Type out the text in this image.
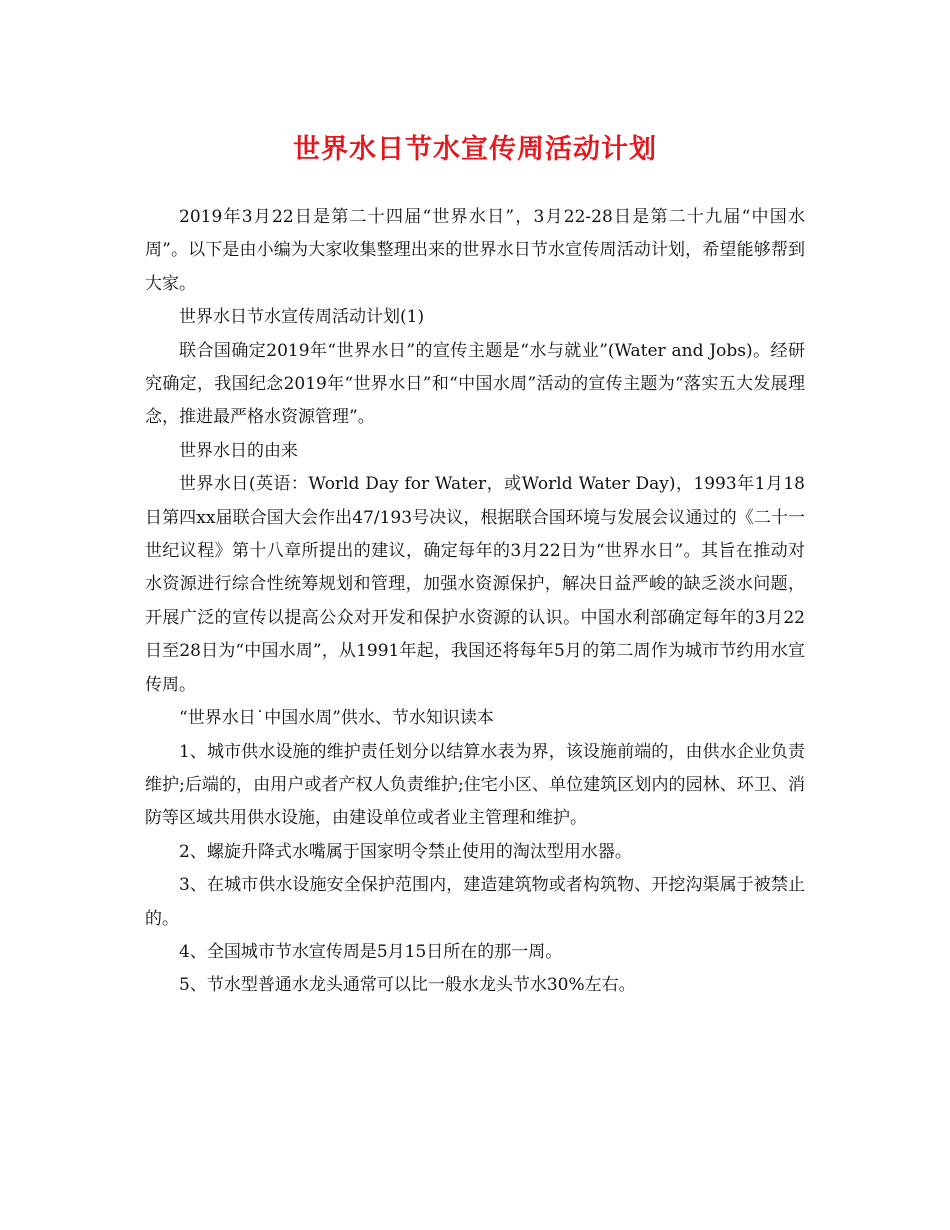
世界水日节水宣传周活动计划

2019年3月22日是第二十四届“世界水日”，3月22-28日是第二十九届“中国水周”。以下是由小编为大家收集整理出来的世界水日节水宣传周活动计划，希望能够帮到大家。

世界水日节水宣传周活动计划(1)

联合国确定2019年“世界水日”的宣传主题是“水与就业”(Water and Jobs)。经研究确定，我国纪念2019年“世界水日”和“中国水周”活动的宣传主题为“落实五大发展理念，推进最严格水资源管理”。

世界水日的由来

世界水日(英语：World Day for Water，或World Water Day)，1993年1月18日第四xx届联合国大会作出47/193号决议，根据联合国环境与发展会议通过的《二十一世纪议程》第十八章所提出的建议，确定每年的3月22日为“世界水日”。其旨在推动对水资源进行综合性统筹规划和管理，加强水资源保护，解决日益严峻的缺乏淡水问题，开展广泛的宣传以提高公众对开发和保护水资源的认识。中国水利部确定每年的3月22日至28日为“中国水周”，从1991年起，我国还将每年5月的第二周作为城市节约用水宣传周。

“世界水日˙中国水周”供水、节水知识读本

1、城市供水设施的维护责任划分以结算水表为界，该设施前端的，由供水企业负责维护;后端的，由用户或者产权人负责维护;住宅小区、单位建筑区划内的园林、环卫、消防等区域共用供水设施，由建设单位或者业主管理和维护。

2、螺旋升降式水嘴属于国家明令禁止使用的淘汰型用水器。

3、在城市供水设施安全保护范围内，建造建筑物或者构筑物、开挖沟渠属于被禁止的。

4、全国城市节水宣传周是5月15日所在的那一周。

5、节水型普通水龙头通常可以比一般水龙头节水30%左右。
